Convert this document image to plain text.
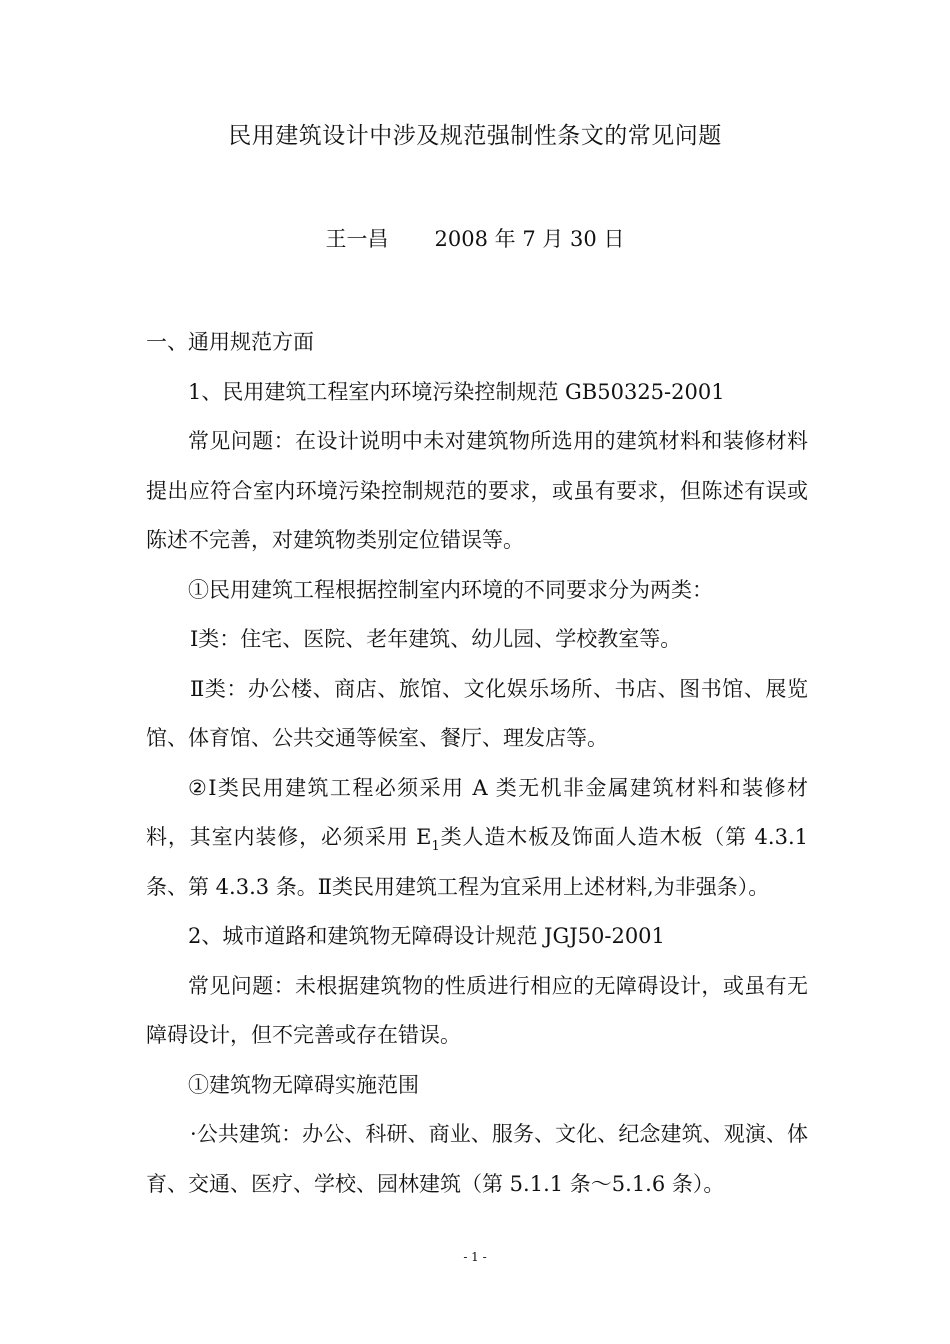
民用建筑设计中涉及规范强制性条文的常见问题
王一昌 2008 年 7 月 30 日

一、通用规范方面

1、民用建筑工程室内环境污染控制规范 GB50325-2001

常见问题：在设计说明中未对建筑物所选用的建筑材料和装修材料提出应符合室内环境污染控制规范的要求，或虽有要求，但陈述有误或陈述不完善，对建筑物类别定位错误等。

①民用建筑工程根据控制室内环境的不同要求分为两类：

Ⅰ类：住宅、医院、老年建筑、幼儿园、学校教室等。

Ⅱ类：办公楼、商店、旅馆、文化娱乐场所、书店、图书馆、展览馆、体育馆、公共交通等候室、餐厅、理发店等。

②Ⅰ类民用建筑工程必须采用 A 类无机非金属建筑材料和装修材料，其室内装修，必须采用 $E_1$类人造木板及饰面人造木板（第 4.3.1 条、第 4.3.3 条。Ⅱ类民用建筑工程为宜采用上述材料,为非强条）。

2、城市道路和建筑物无障碍设计规范 JGJ50-2001

常见问题：未根据建筑物的性质进行相应的无障碍设计，或虽有无障碍设计，但不完善或存在错误。

①建筑物无障碍实施范围

·公共建筑：办公、科研、商业、服务、文化、纪念建筑、观演、体育、交通、医疗、学校、园林建筑（第 5.1.1 条～5.1.6 条）。

- 1 -
